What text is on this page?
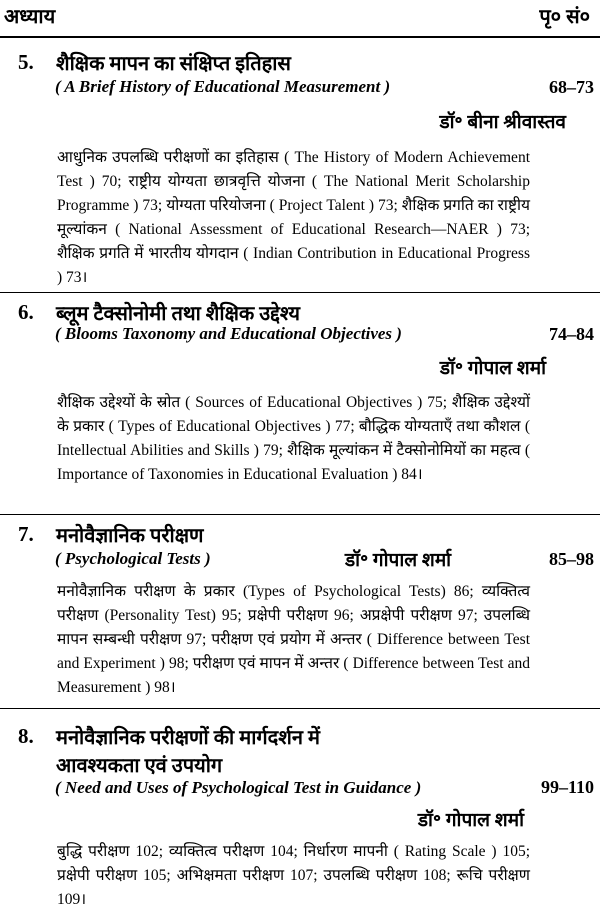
अध्याय	पृ० सं०
5. शैक्षिक मापन का संक्षिप्त इतिहास
( A Brief History of Educational Measurement )	68–73
डॉ॰ बीना श्रीवास्तव
आधुनिक उपलब्धि परीक्षणों का इतिहास ( The History of Modern Achievement Test ) 70; राष्ट्रीय योग्यता छात्रवृत्ति योजना ( The National Merit Scholarship Programme ) 73; योग्यता परियोजना ( Project Talent ) 73; शैक्षिक प्रगति का राष्ट्रीय मूल्यांकन ( National Assessment of Educational Research—NAER ) 73; शैक्षिक प्रगति में भारतीय योगदान ( Indian Contribution in Educational Progress ) 73।
6. ब्लूम टैक्सोनोमी तथा शैक्षिक उद्देश्य
( Blooms Taxonomy and Educational Objectives )	74–84
डॉ॰ गोपाल शर्मा
शैक्षिक उद्देश्यों के स्रोत ( Sources of Educational Objectives ) 75; शैक्षिक उद्देश्यों के प्रकार ( Types of Educational Objectives ) 77; बौद्धिक योग्यताएँ तथा कौशल ( Intellectual Abilities and Skills ) 79; शैक्षिक मूल्यांकन में टैक्सोनोमियों का महत्व ( Importance of Taxonomies in Educational Evaluation ) 84।
7. मनोवैज्ञानिक परीक्षण
( Psychological Tests )	डॉ॰ गोपाल शर्मा	85–98
मनोवैज्ञानिक परीक्षण के प्रकार (Types of Psychological Tests) 86; व्यक्तित्व परीक्षण (Personality Test) 95; प्रक्षेपी परीक्षण 96; अप्रक्षेपी परीक्षण 97; उपलब्धि मापन सम्बन्धी परीक्षण 97; परीक्षण एवं प्रयोग में अन्तर ( Difference between Test and Experiment ) 98; परीक्षण एवं मापन में अन्तर ( Difference between Test and Measurement ) 98।
8. मनोवैज्ञानिक परीक्षणों की मार्गदर्शन में
आवश्यकता एवं उपयोग
( Need and Uses of Psychological Test in Guidance )	99–110
डॉ॰ गोपाल शर्मा
बुद्धि परीक्षण 102; व्यक्तित्व परीक्षण 104; निर्धारण मापनी ( Rating Scale ) 105; प्रक्षेपी परीक्षण 105; अभिक्षमता परीक्षण 107; उपलब्धि परीक्षण 108; रूचि परीक्षण 109।
